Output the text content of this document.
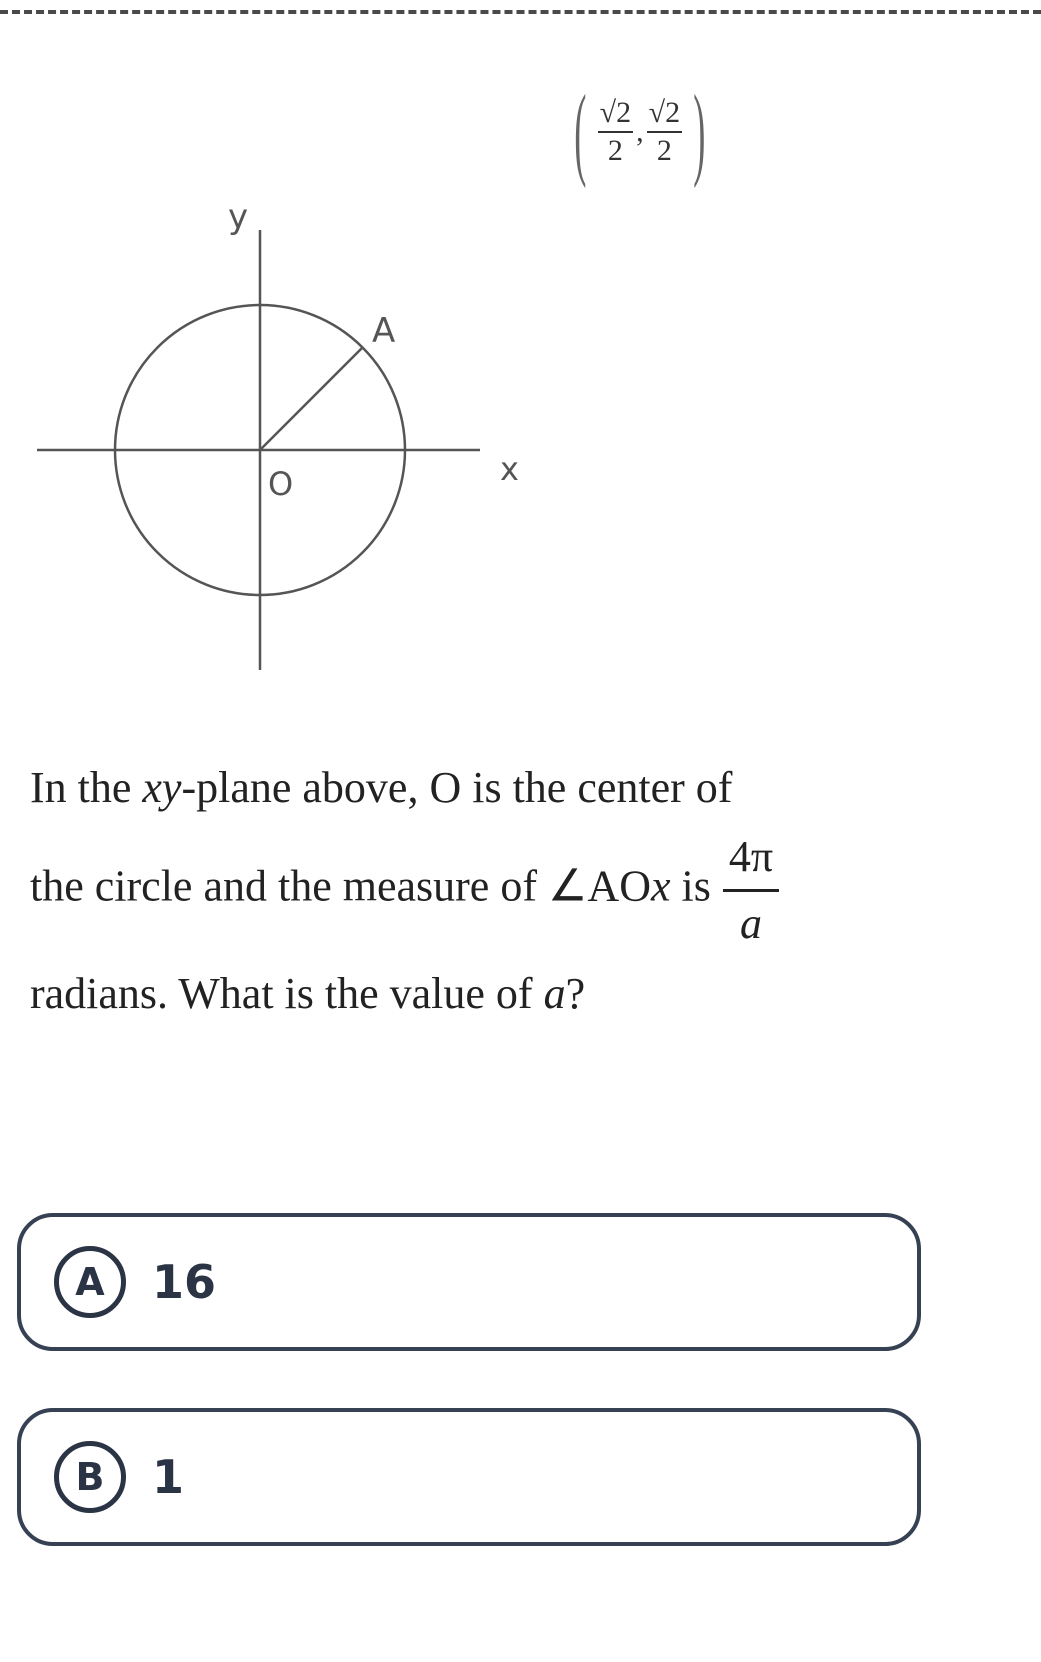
( $\frac{√2}{2}$ , $\frac{√2}{2}$ )
y
x
A
O
In the xy-plane above, O is the center of
the circle and the measure of ∠AOx is $\frac{4\pi}{a}$
radians. What is the value of a?
A	16
B	1
